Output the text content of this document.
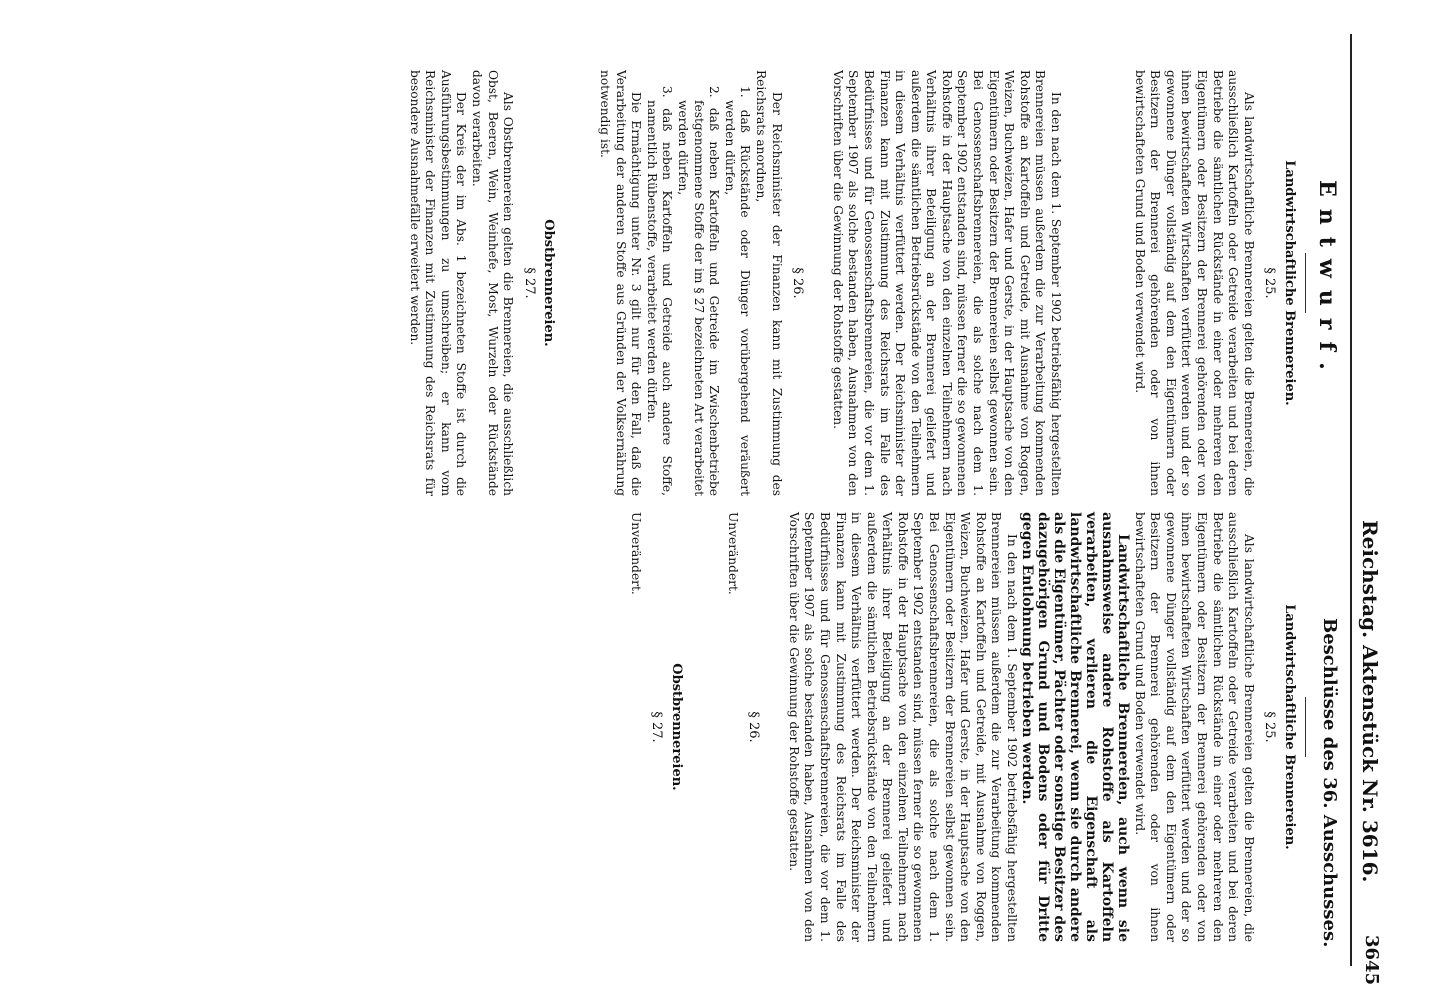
Reichstag. Aktenstück Nr. 3616.
3645
Entwurf.
Beschlüsse des 36. Ausschusses.
Landwirtschaftliche Brennereien.
§ 25.

Als landwirtschaftliche Brennereien gelten die Brennereien, die ausschließlich Kartoffeln oder Getreide verarbeiten und bei deren Betriebe die sämtlichen Rückstände in einer oder mehreren den Eigentümern oder Besitzern der Brennerei gehörenden oder von ihnen bewirtschafteten Wirtschaften verfüttert werden und der so gewonnene Dünger vollständig auf dem den Eigentümern oder Besitzern der Brennerei gehörenden oder von ihnen bewirtschafteten Grund und Boden verwendet wird.

In den nach dem 1. September 1902 betriebsfähig hergestellten Brennereien müssen außerdem die zur Verarbeitung kommenden Rohstoffe an Kartoffeln und Getreide, mit Ausnahme von Roggen, Weizen, Buchweizen, Hafer und Gerste, in der Hauptsache von den Eigentümern oder Besitzern der Brennereien selbst gewonnen sein. Bei Genossenschaftsbrennereien, die als solche nach dem 1. September 1902 entstanden sind, müssen ferner die so gewonnenen Rohstoffe in der Hauptsache von den einzelnen Teilnehmern nach Verhältnis ihrer Beteiligung an der Brennerei geliefert und außerdem die sämtlichen Betriebsrückstände von den Teilnehmern in diesem Verhältnis verfüttert werden. Der Reichsminister der Finanzen kann mit Zustimmung des Reichsrats im Falle des Bedürfnisses und für Genossenschaftsbrennereien, die vor dem 1. September 1907 als solche bestanden haben, Ausnahmen von den Vorschriften über die Gewinnung der Rohstoffe gestatten.

§ 26.

Der Reichsminister der Finanzen kann mit Zustimmung des Reichsrats anordnen,

1. daß Rückstände oder Dünger vorübergehend veräußert werden dürfen,

2. daß neben Kartoffeln und Getreide im Zwischenbetriebe festgenommene Stoffe der im § 27 bezeichneten Art verarbeitet werden dürfen,

3. daß neben Kartoffeln und Getreide auch andere Stoffe, namentlich Rübenstoffe, verarbeitet werden dürfen.

Die Ermächtigung unter Nr. 3 gilt nur für den Fall, daß die Verarbeitung der anderen Stoffe aus Gründen der Volksernährung notwendig ist.

Obstbrennereien.
§ 27.

Als Obstbrennereien gelten die Brennereien, die ausschließlich Obst, Beeren, Wein, Weinhefe, Most, Wurzeln oder Rückstände davon verarbeiten.

Der Kreis der im Abs. 1 bezeichneten Stoffe ist durch die Ausführungsbestimmungen zu umschreiben; er kann vom Reichsminister der Finanzen mit Zustimmung des Reichsrats für besondere Ausnahmefälle erweitert werden.

Landwirtschaftliche Brennereien.
§ 25.

Als landwirtschaftliche Brennereien gelten die Brennereien, die ausschließlich Kartoffeln oder Getreide verarbeiten und bei deren Betriebe die sämtlichen Rückstände in einer oder mehreren den Eigentümern oder Besitzern der Brennerei gehörenden oder von ihnen bewirtschafteten Wirtschaften verfüttert werden und der so gewonnene Dünger vollständig auf dem den Eigentümern oder Besitzern der Brennerei gehörenden oder von ihnen bewirtschafteten Grund und Boden verwendet wird.

Landwirtschaftliche Brennereien, auch wenn sie ausnahmsweise andere Rohstoffe als Kartoffeln verarbeiten, verlieren die Eigenschaft als landwirtschaftliche Brennerei, wenn sie durch andere als die Eigentümer, Pächter oder sonstige Besitzer des dazugehörigen Grund und Bodens oder für Dritte gegen Entlohnung betrieben werden.

In den nach dem 1. September 1902 betriebsfähig hergestellten Brennereien müssen außerdem die zur Verarbeitung kommenden Rohstoffe an Kartoffeln und Getreide, mit Ausnahme von Roggen, Weizen, Buchweizen, Hafer und Gerste, in der Hauptsache von den Eigentümern oder Besitzern der Brennereien selbst gewonnen sein. Bei Genossenschaftsbrennereien, die als solche nach dem 1. September 1902 entstanden sind, müssen ferner die so gewonnenen Rohstoffe in der Hauptsache von den einzelnen Teilnehmern nach Verhältnis ihrer Beteiligung an der Brennerei geliefert und außerdem die sämtlichen Betriebsrückstände von den Teilnehmern in diesem Verhältnis verfüttert werden. Der Reichsminister der Finanzen kann mit Zustimmung des Reichsrats im Falle des Bedürfnisses und für Genossenschaftsbrennereien, die vor dem 1. September 1907 als solche bestanden haben, Ausnahmen von den Vorschriften über die Gewinnung der Rohstoffe gestatten.

§ 26.

Unverändert.

Obstbrennereien.
§ 27.

Unverändert.
